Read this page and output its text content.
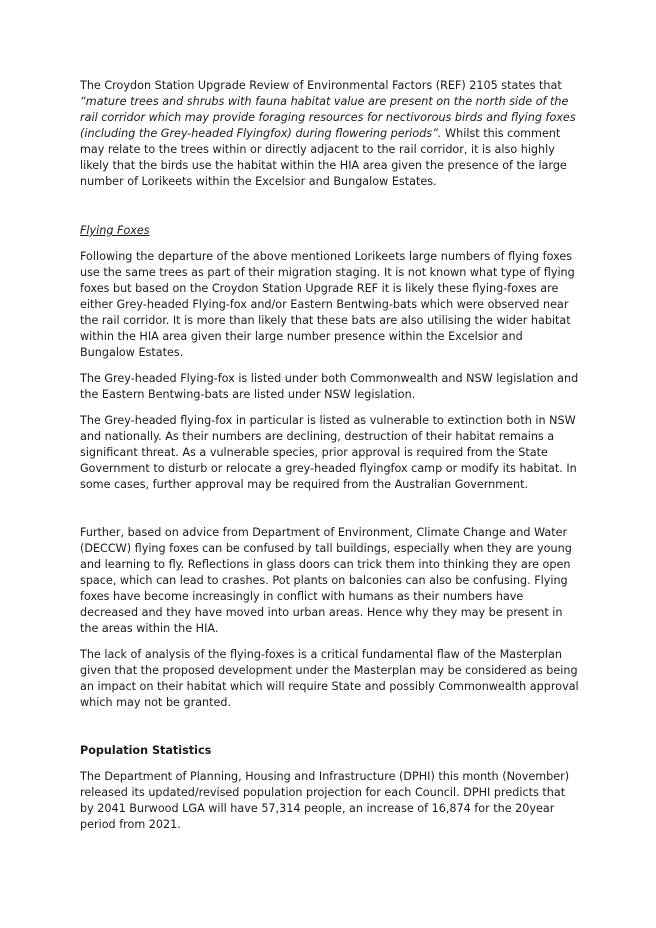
The Croydon Station Upgrade Review of Environmental Factors (REF) 2105 states that “mature trees and shrubs with fauna habitat value are present on the north side of the rail corridor which may provide foraging resources for nectivorous birds and flying foxes (including the Grey-headed Flyingfox) during flowering periods”. Whilst this comment may relate to the trees within or directly adjacent to the rail corridor, it is also highly likely that the birds use the habitat within the HIA area given the presence of the large number of Lorikeets within the Excelsior and Bungalow Estates.

Flying Foxes

Following the departure of the above mentioned Lorikeets large numbers of flying foxes use the same trees as part of their migration staging. It is not known what type of flying foxes but based on the Croydon Station Upgrade REF it is likely these flying-foxes are either Grey-headed Flying-fox and/or Eastern Bentwing-bats which were observed near the rail corridor. It is more than likely that these bats are also utilising the wider habitat within the HIA area given their large number presence within the Excelsior and Bungalow Estates.

The Grey-headed Flying-fox is listed under both Commonwealth and NSW legislation and the Eastern Bentwing-bats are listed under NSW legislation.

The Grey-headed flying-fox in particular is listed as vulnerable to extinction both in NSW and nationally. As their numbers are declining, destruction of their habitat remains a significant threat. As a vulnerable species, prior approval is required from the State Government to disturb or relocate a grey-headed flyingfox camp or modify its habitat. In some cases, further approval may be required from the Australian Government.

Further, based on advice from Department of Environment, Climate Change and Water (DECCW) flying foxes can be confused by tall buildings, especially when they are young and learning to fly. Reflections in glass doors can trick them into thinking they are open space, which can lead to crashes. Pot plants on balconies can also be confusing. Flying foxes have become increasingly in conflict with humans as their numbers have decreased and they have moved into urban areas. Hence why they may be present in the areas within the HIA.

The lack of analysis of the flying-foxes is a critical fundamental flaw of the Masterplan given that the proposed development under the Masterplan may be considered as being an impact on their habitat which will require State and possibly Commonwealth approval which may not be granted.

Population Statistics

The Department of Planning, Housing and Infrastructure (DPHI) this month (November) released its updated/revised population projection for each Council. DPHI predicts that by 2041 Burwood LGA will have 57,314 people, an increase of 16,874 for the 20year period from 2021.
